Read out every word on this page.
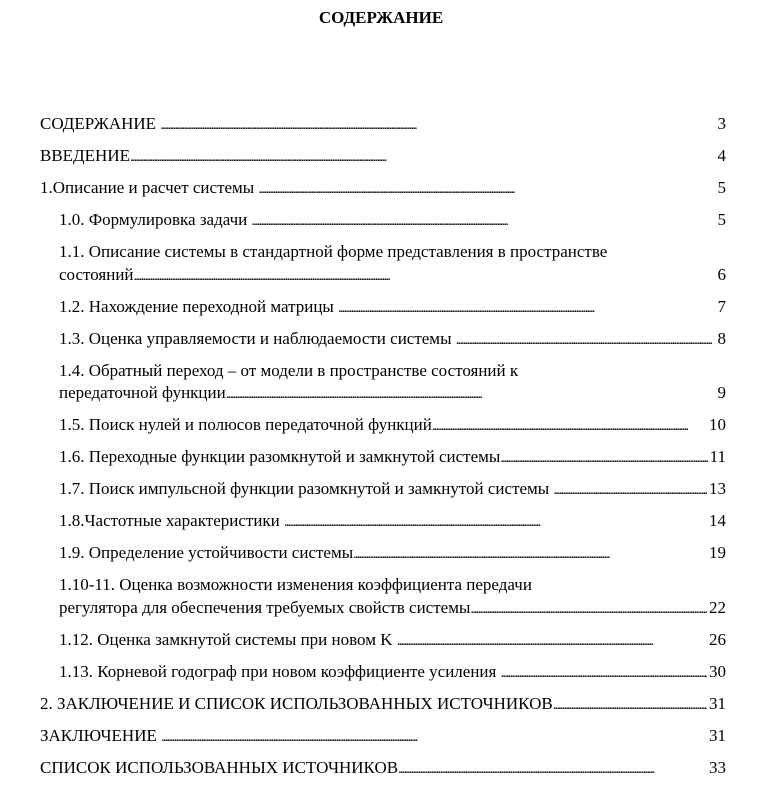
СОДЕРЖАНИЕ
СОДЕРЖАНИЕ . . .	3
ВВЕДЕНИЕ . . .	4
1.Описание и расчет системы . . .	5
1.0. Формулировка задачи . . .	5
1.1. Описание системы в стандартной форме представления в пространстве
состояний . . .	6
1.2. Нахождение переходной матрицы . . .	7
1.3. Оценка управляемости и наблюдаемости системы . . .	8
1.4. Обратный переход – от модели в пространстве состояний к
передаточной функции . . .	9
1.5. Поиск нулей и полюсов передаточной функций . . .	10
1.6. Переходные функции разомкнутой и замкнутой системы . . .	11
1.7. Поиск импульсной функции разомкнутой и замкнутой системы . . .	13
1.8.Частотные характеристики . . .	14
1.9. Определение устойчивости системы . . .	19
1.10-11. Оценка возможности изменения коэффициента передачи
регулятора для обеспечения требуемых свойств системы . . .	22
1.12. Оценка замкнутой системы при новом K . . .	26
1.13. Корневой годограф при новом коэффициенте усиления . . .	30
2. ЗАКЛЮЧЕНИЕ И СПИСОК ИСПОЛЬЗОВАННЫХ ИСТОЧНИКОВ . . .	31
ЗАКЛЮЧЕНИЕ . . .	31
СПИСОК ИСПОЛЬЗОВАННЫХ ИСТОЧНИКОВ . . .	33
